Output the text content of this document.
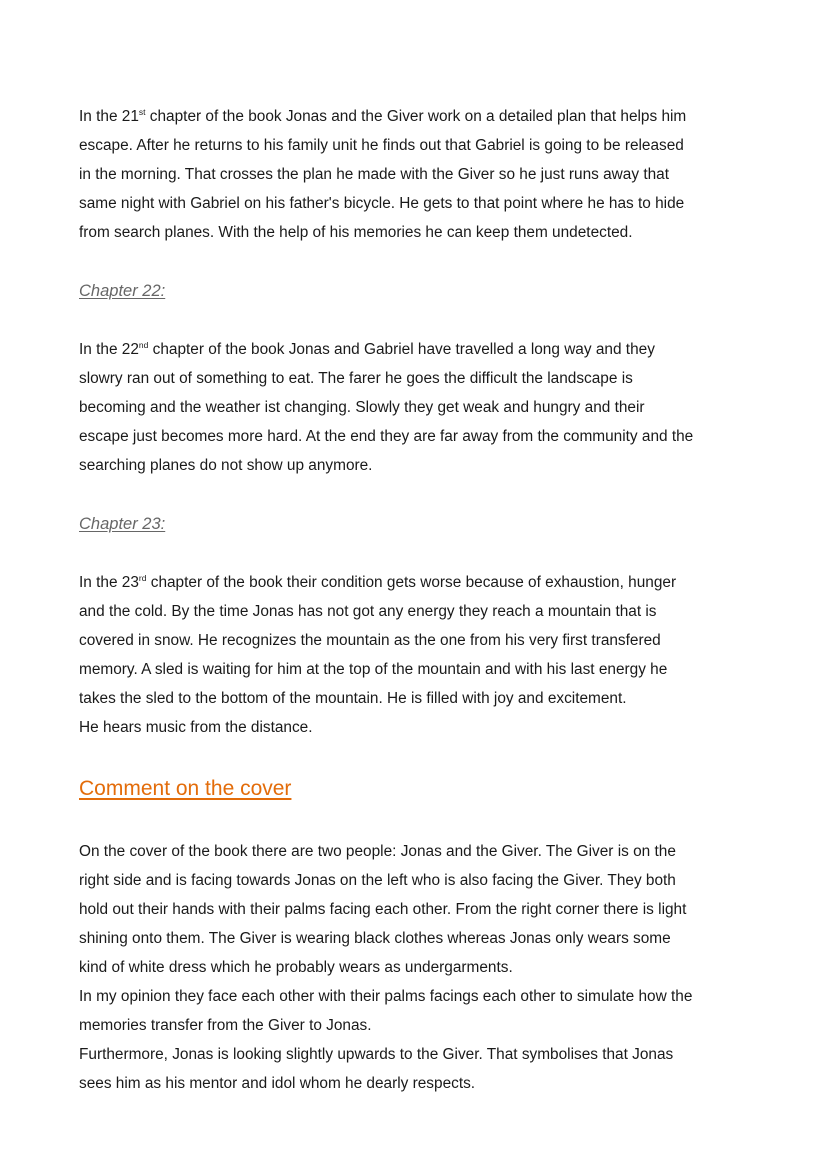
In the 21st chapter of the book Jonas and the Giver work on a detailed plan that helps him
escape. After he returns to his family unit he finds out that Gabriel is going to be released
in the morning. That crosses the plan he made with the Giver so he just runs away that
same night with Gabriel on his father's bicycle. He gets to that point where he has to hide
from search planes. With the help of his memories he can keep them undetected.

Chapter 22:

In the 22nd chapter of the book Jonas and Gabriel have travelled a long way and they
slowry ran out of something to eat. The farer he goes the difficult the landscape is
becoming and the weather ist changing. Slowly they get weak and hungry and their
escape just becomes more hard. At the end they are far away from the community and the
searching planes do not show up anymore.

Chapter 23:

In the 23rd chapter of the book their condition gets worse because of exhaustion, hunger
and the cold. By the time Jonas has not got any energy they reach a mountain that is
covered in snow. He recognizes the mountain as the one from his very first transfered
memory. A sled is waiting for him at the top of the mountain and with his last energy he
takes the sled to the bottom of the mountain. He is filled with joy and excitement.
He hears music from the distance.

Comment on the cover

On the cover of the book there are two people: Jonas and the Giver. The Giver is on the
right side and is facing towards Jonas on the left who is also facing the Giver. They both
hold out their hands with their palms facing each other. From the right corner there is light
shining onto them. The Giver is wearing black clothes whereas Jonas only wears some
kind of white dress which he probably wears as undergarments.
In my opinion they face each other with their palms facings each other to simulate how the
memories transfer from the Giver to Jonas.
Furthermore, Jonas is looking slightly upwards to the Giver. That symbolises that Jonas
sees him as his mentor and idol whom he dearly respects.
